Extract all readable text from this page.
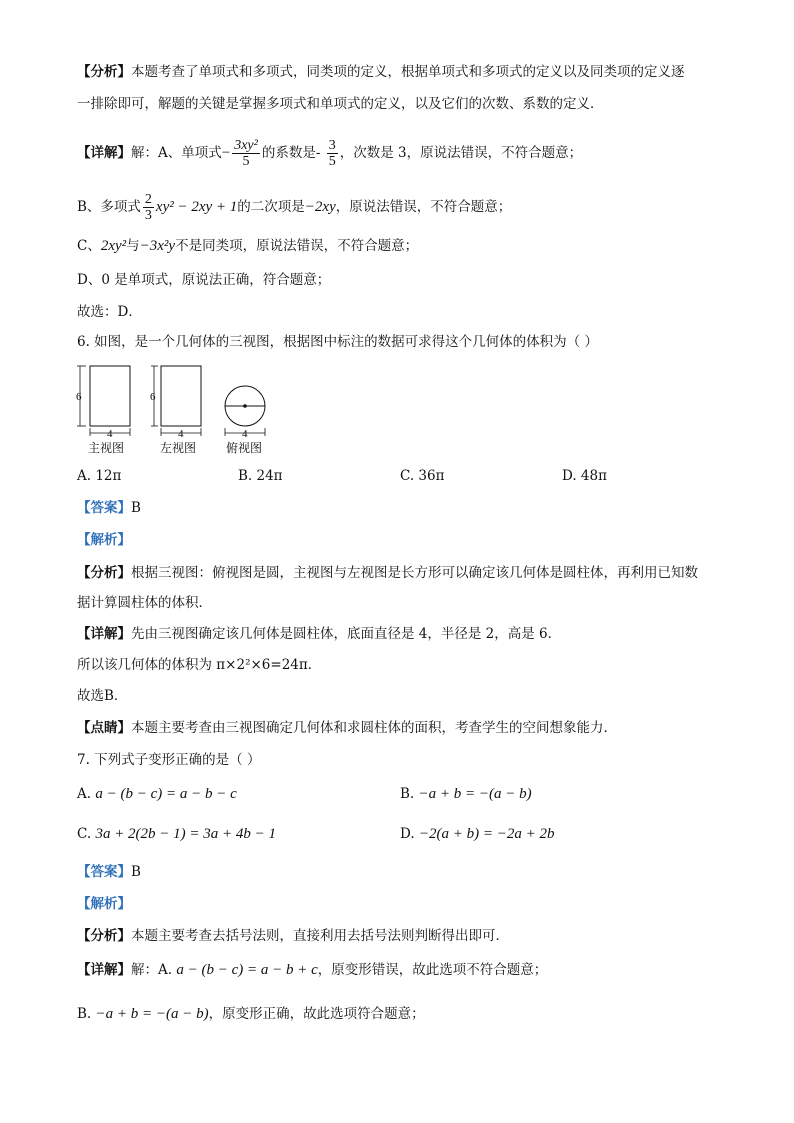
【分析】本题考查了单项式和多项式，同类项的定义，根据单项式和多项式的定义以及同类项的定义逐
一排除即可，解题的关键是掌握多项式和单项式的定义，以及它们的次数、系数的定义．
【详解】解：A、单项式− $\frac{\text{3xy²}}{5}$ 的系数是- $\frac{3}{5}$ ，次数是 3，原说法错误，不符合题意；
B、多项式 $\frac{2}{3} xy^2 - 2xy + 1$的二次项是−2xy，原说法错误，不符合题意；
C、2xy²与−3x²y不是同类项，原说法错误，不符合题意；
D、0 是单项式，原说法正确，符合题意；
故选：D．
6. 如图，是一个几何体的三视图，根据图中标注的数据可求得这个几何体的体积为（ ）
6
4
主视图
6
4
左视图
4
俯视图
A. 12π	B. 24π	C. 36π	D. 48π
【答案】B
【解析】
【分析】根据三视图：俯视图是圆，主视图与左视图是长方形可以确定该几何体是圆柱体，再利用已知数
据计算圆柱体的体积．
【详解】先由三视图确定该几何体是圆柱体，底面直径是 4，半径是 2，高是 6．
所以该几何体的体积为 π×2²×6=24π．
故选B．
【点睛】本题主要考查由三视图确定几何体和求圆柱体的面积，考查学生的空间想象能力．
7. 下列式子变形正确的是（ ）
A. a − (b − c) = a − b − c	B. −a + b = −(a − b)
C. 3a + 2(2b − 1) = 3a + 4b − 1	D. −2(a + b) = −2a + 2b
【答案】B
【解析】
【分析】本题主要考查去括号法则，直接利用去括号法则判断得出即可．
【详解】解：A. a − (b − c) = a − b + c，原变形错误，故此选项不符合题意；
B. −a + b = −(a − b)，原变形正确，故此选项符合题意；
